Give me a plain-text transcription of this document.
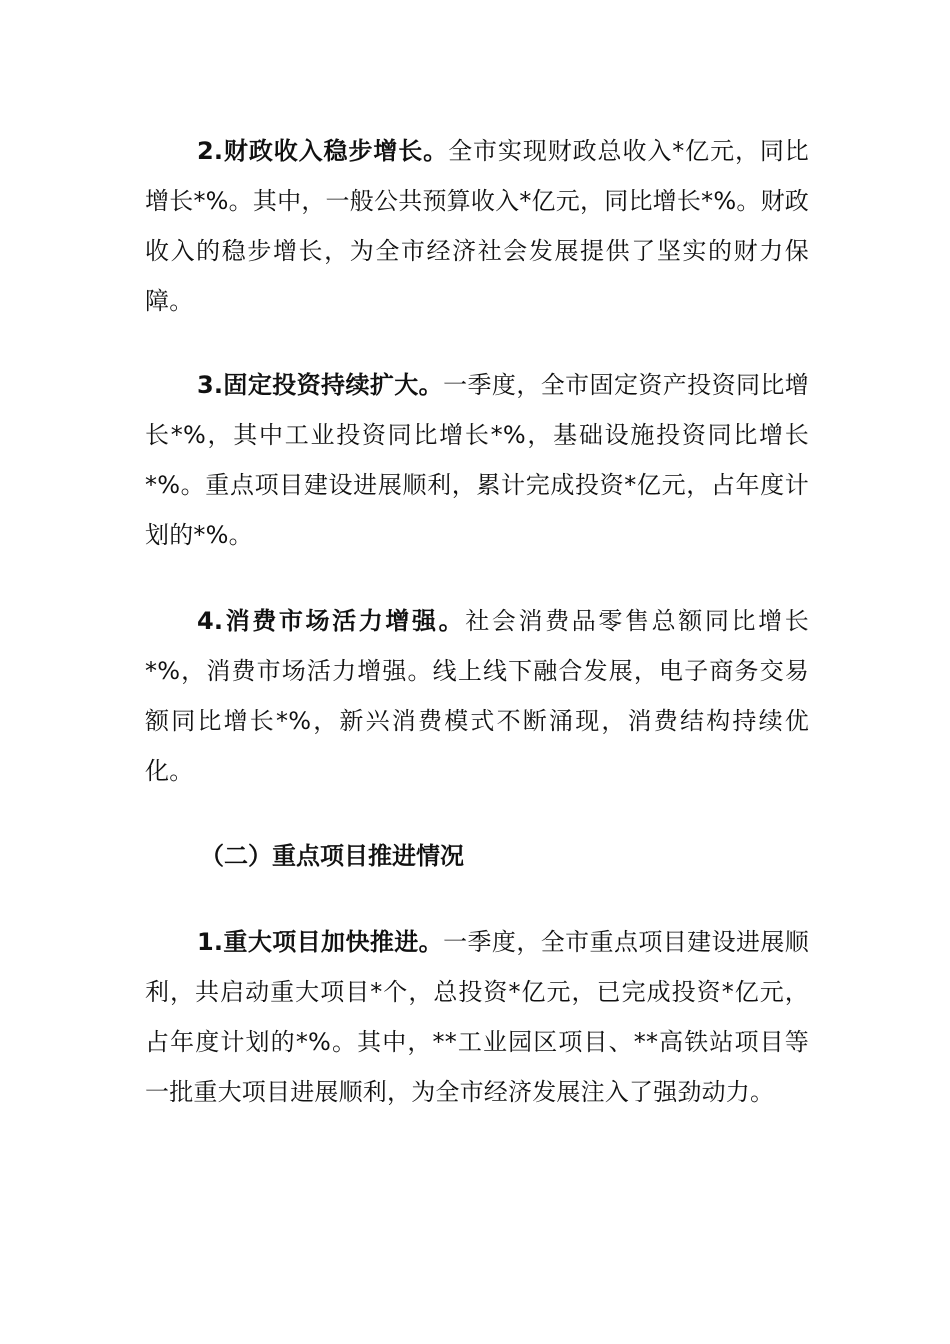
2.财政收入稳步增长。全市实现财政总收入*亿元，同比增长*%。其中，一般公共预算收入*亿元，同比增长*%。财政收入的稳步增长，为全市经济社会发展提供了坚实的财力保障。

3.固定投资持续扩大。一季度，全市固定资产投资同比增长*%，其中工业投资同比增长*%，基础设施投资同比增长*%。重点项目建设进展顺利，累计完成投资*亿元，占年度计划的*%。

4.消费市场活力增强。社会消费品零售总额同比增长*%，消费市场活力增强。线上线下融合发展，电子商务交易额同比增长*%，新兴消费模式不断涌现，消费结构持续优化。

（二）重点项目推进情况

1.重大项目加快推进。一季度，全市重点项目建设进展顺利，共启动重大项目*个，总投资*亿元，已完成投资*亿元，占年度计划的*%。其中，**工业园区项目、**高铁站项目等一批重大项目进展顺利，为全市经济发展注入了强劲动力。
